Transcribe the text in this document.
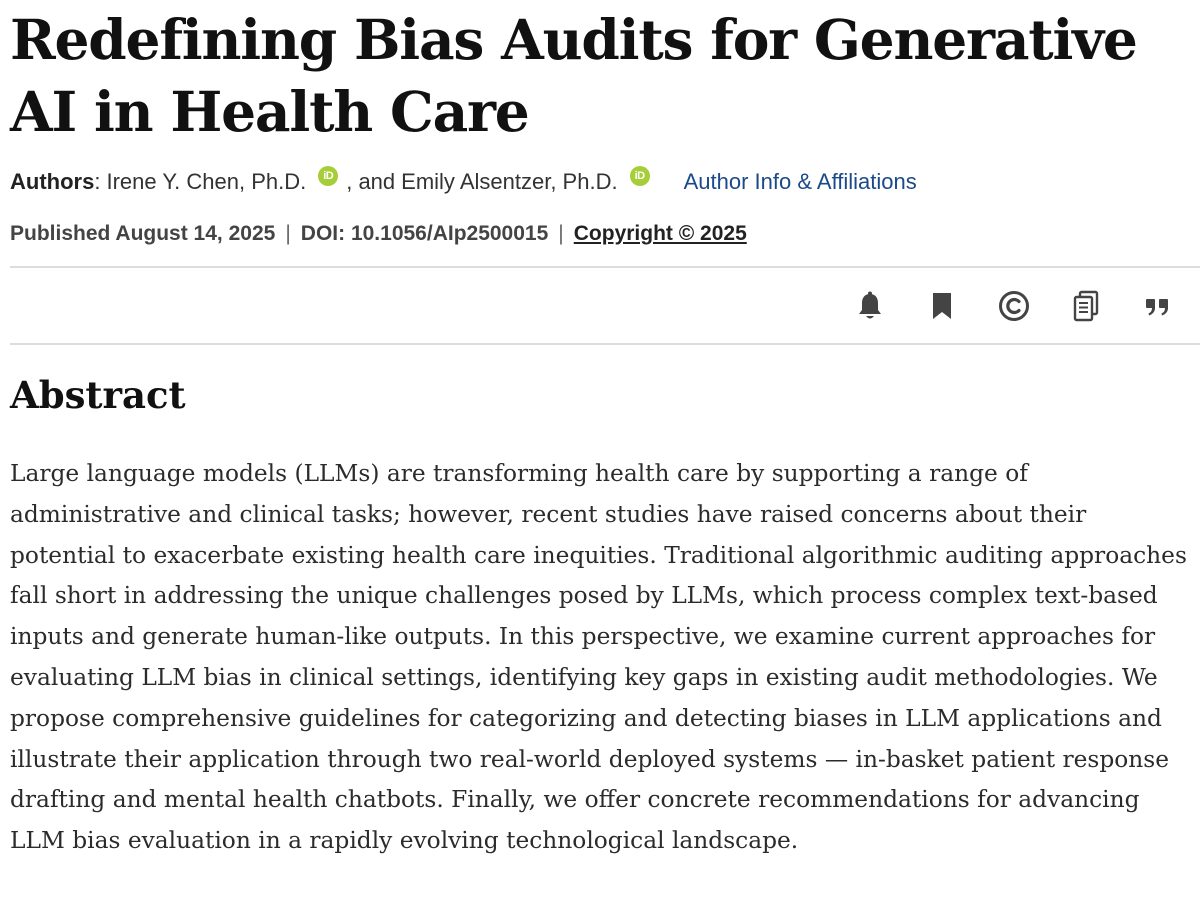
Redefining Bias Audits for Generative AI in Health Care
Authors : Irene Y. Chen, Ph.D.	iD , and Emily Alsentzer, Ph.D.	iD Author Info & Affiliations
Published August 14, 2025 | DOI: 10.1056/AIp2500015 | Copyright © 2025
Abstract

Large language models (LLMs) are transforming health care by supporting a range of administrative and clinical tasks; however, recent studies have raised concerns about their potential to exacerbate existing health care inequities. Traditional algorithmic auditing approaches fall short in addressing the unique challenges posed by LLMs, which process complex text-based inputs and generate human-like outputs. In this perspective, we examine current approaches for evaluating LLM bias in clinical settings, identifying key gaps in existing audit methodologies. We propose comprehensive guidelines for categorizing and detecting biases in LLM applications and illustrate their application through two real-world deployed systems — in-basket patient response drafting and mental health chatbots. Finally, we offer concrete recommendations for advancing LLM bias evaluation in a rapidly evolving technological landscape.
